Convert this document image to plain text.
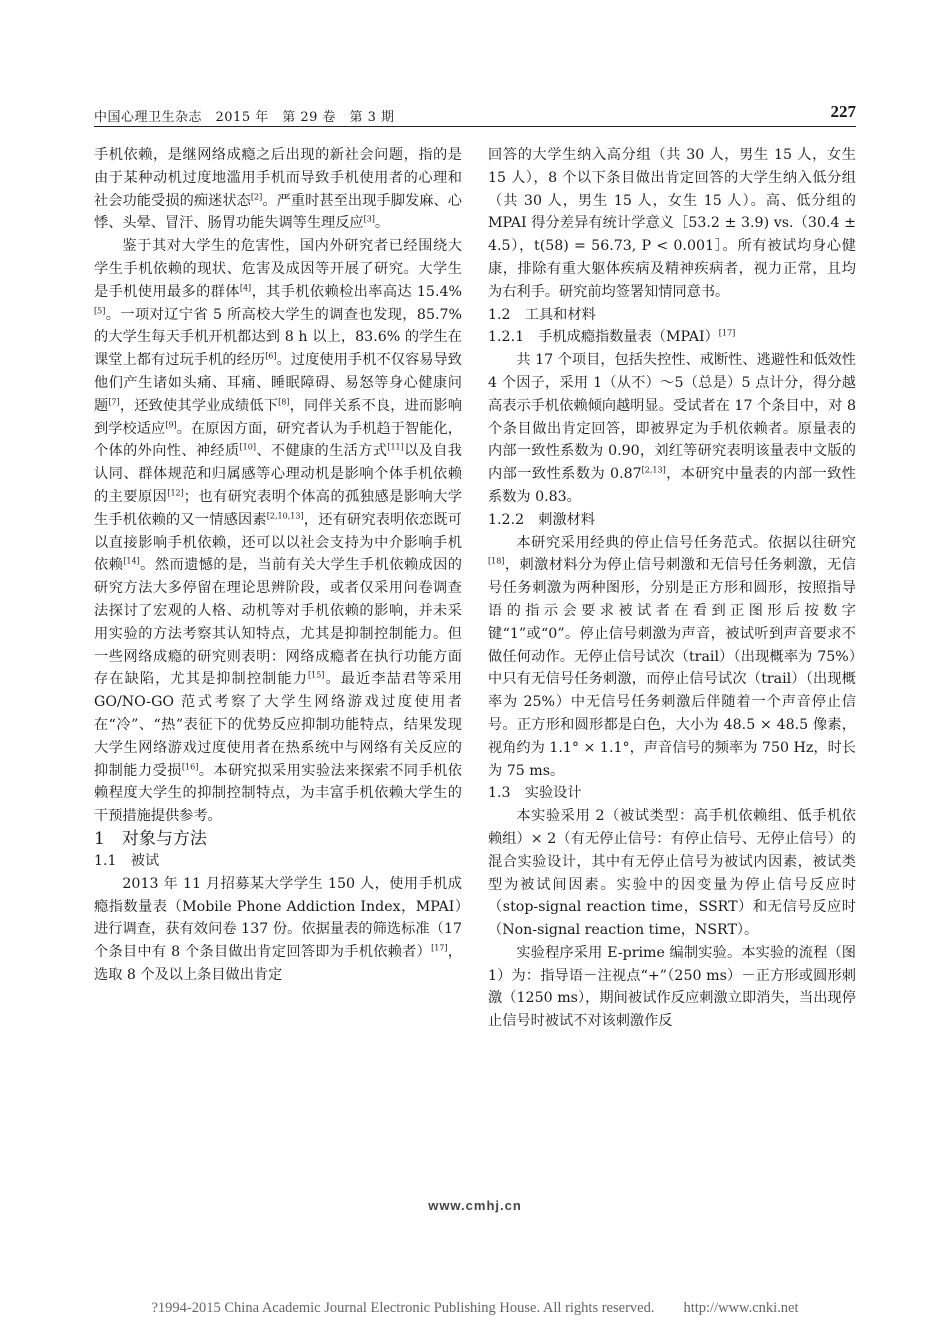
中国心理卫生杂志　2015 年　第 29 卷　第 3 期	227

手机依赖，是继网络成瘾之后出现的新社会问题，指的是由于某种动机过度地滥用手机而导致手机使用者的心理和社会功能受损的痴迷状态[2]。严重时甚至出现手脚发麻、心悸、头晕、冒汗、肠胃功能失调等生理反应[3]。

鉴于其对大学生的危害性，国内外研究者已经围绕大学生手机依赖的现状、危害及成因等开展了研究。大学生是手机使用最多的群体[4]，其手机依赖检出率高达 15.4%[5]。一项对辽宁省 5 所高校大学生的调查也发现，85.7% 的大学生每天手机开机都达到 8 h 以上，83.6% 的学生在课堂上都有过玩手机的经历[6]。过度使用手机不仅容易导致他们产生诸如头痛、耳痛、睡眠障碍、易怒等身心健康问题[7]，还致使其学业成绩低下[8]，同伴关系不良，进而影响到学校适应[9]。在原因方面，研究者认为手机趋于智能化，个体的外向性、神经质[10]、不健康的生活方式[11]以及自我认同、群体规范和归属感等心理动机是影响个体手机依赖的主要原因[12]；也有研究表明个体高的孤独感是影响大学生手机依赖的又一情感因素[2,10,13]，还有研究表明依恋既可以直接影响手机依赖，还可以以社会支持为中介影响手机依赖[14]。然而遗憾的是，当前有关大学生手机依赖成因的研究方法大多停留在理论思辨阶段，或者仅采用问卷调查法探讨了宏观的人格、动机等对手机依赖的影响，并未采用实验的方法考察其认知特点，尤其是抑制控制能力。但一些网络成瘾的研究则表明：网络成瘾者在执行功能方面存在缺陷，尤其是抑制控制能力[15]。最近李喆君等采用 GO/NO-GO 范式考察了大学生网络游戏过度使用者在“冷”、“热”表征下的优势反应抑制功能特点，结果发现大学生网络游戏过度使用者在热系统中与网络有关反应的抑制能力受损[16]。本研究拟采用实验法来探索不同手机依赖程度大学生的抑制控制特点，为丰富手机依赖大学生的干预措施提供参考。

1　对象与方法

1.1　被试

2013 年 11 月招募某大学学生 150 人，使用手机成瘾指数量表（Mobile Phone Addiction Index，MPAI）进行调查，获有效问卷 137 份。依据量表的筛选标准（17 个条目中有 8 个条目做出肯定回答即为手机依赖者）[17]，选取 8 个及以上条目做出肯定

回答的大学生纳入高分组（共 30 人，男生 15 人，女生 15 人），8 个以下条目做出肯定回答的大学生纳入低分组（共 30 人，男生 15 人，女生 15 人）。高、低分组的 MPAI 得分差异有统计学意义［53.2 ± 3.9) vs.（30.4 ± 4.5），t(58) = 56.73, P < 0.001］。所有被试均身心健康，排除有重大躯体疾病及精神疾病者，视力正常，且均为右利手。研究前均签署知情同意书。

1.2　工具和材料

1.2.1　手机成瘾指数量表（MPAI）[17]

共 17 个项目，包括失控性、戒断性、逃避性和低效性 4 个因子，采用 1（从不）～5（总是）5 点计分，得分越高表示手机依赖倾向越明显。受试者在 17 个条目中，对 8 个条目做出肯定回答，即被界定为手机依赖者。原量表的内部一致性系数为 0.90，刘红等研究表明该量表中文版的内部一致性系数为 0.87[2,13]，本研究中量表的内部一致性系数为 0.83。

1.2.2　刺激材料

本研究采用经典的停止信号任务范式。依据以往研究[18]，刺激材料分为停止信号刺激和无信号任务刺激，无信号任务刺激为两种图形，分别是正方形和圆形，按照指导语的指示会要求被试者在看到正图形后按数字键“1”或“0”。停止信号刺激为声音，被试听到声音要求不做任何动作。无停止信号试次（trail）（出现概率为 75%）中只有无信号任务刺激，而停止信号试次（trail）（出现概率为 25%）中无信号任务刺激后伴随着一个声音停止信号。正方形和圆形都是白色，大小为 48.5 × 48.5 像素，视角约为 1.1° × 1.1°，声音信号的频率为 750 Hz，时长为 75 ms。

1.3　实验设计

本实验采用 2（被试类型：高手机依赖组、低手机依赖组）× 2（有无停止信号：有停止信号、无停止信号）的混合实验设计，其中有无停止信号为被试内因素，被试类型为被试间因素。实验中的因变量为停止信号反应时（stop-signal reaction time，SSRT）和无信号反应时（Non-signal reaction time，NSRT）。

实验程序采用 E-prime 编制实验。本实验的流程（图 1）为：指导语－注视点“+”（250 ms）－正方形或圆形刺激（1250 ms），期间被试作反应刺激立即消失，当出现停止信号时被试不对该刺激作反

www.cmhj.cn
?1994-2015 China Academic Journal Electronic Publishing House. All rights reserved.　　http://www.cnki.net
